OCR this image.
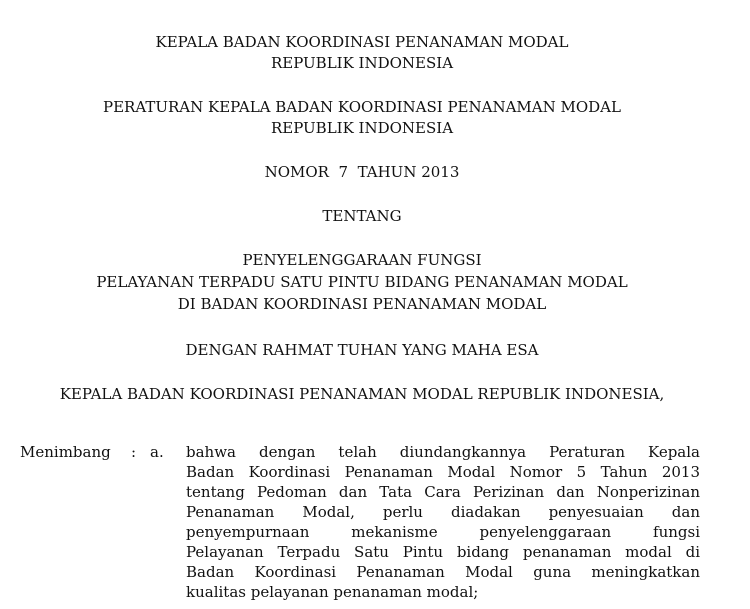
KEPALA BADAN KOORDINASI PENANAMAN MODAL
REPUBLIK INDONESIA
PERATURAN KEPALA BADAN KOORDINASI PENANAMAN MODAL
REPUBLIK INDONESIA
NOMOR  7  TAHUN 2013
TENTANG
PENYELENGGARAAN FUNGSI
PELAYANAN TERPADU SATU PINTU BIDANG PENANAMAN MODAL
DI BADAN KOORDINASI PENANAMAN MODAL
DENGAN RAHMAT TUHAN YANG MAHA ESA
KEPALA BADAN KOORDINASI PENANAMAN MODAL REPUBLIK INDONESIA,
Menimbang : a. bahwa dengan telah diundangkannya Peraturan Kepala
Badan Koordinasi Penanaman Modal Nomor 5 Tahun 2013
tentang Pedoman dan Tata Cara Perizinan dan Nonperizinan
Penanaman Modal, perlu diadakan penyesuaian dan
penyempurnaan mekanisme penyelenggaraan fungsi
Pelayanan Terpadu Satu Pintu bidang penanaman modal di
Badan Koordinasi Penanaman Modal guna meningkatkan
kualitas pelayanan penanaman modal;
